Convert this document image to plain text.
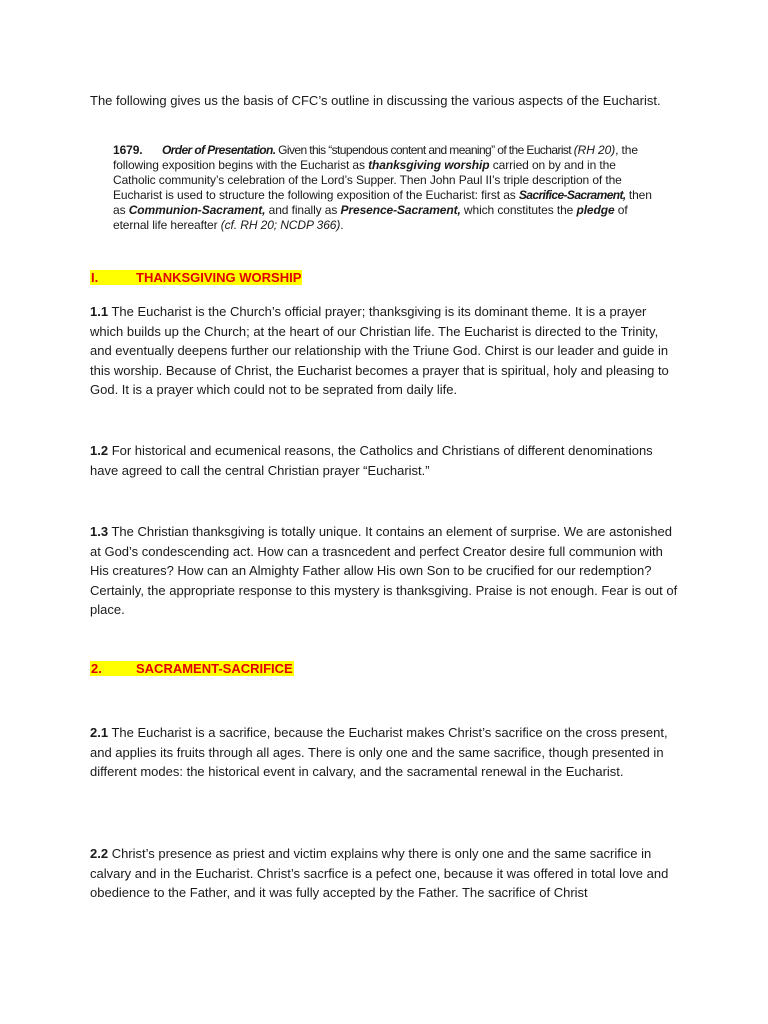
The following gives us the basis of CFC’s outline in discussing the various aspects of the Eucharist.

1679. Order of Presentation. Given this “stupendous content and meaning” of the Eucharist (RH 20), the following exposition begins with the Eucharist as thanksgiving worship carried on by and in the Catholic community’s celebration of the Lord’s Supper. Then John Paul II’s triple description of the Eucharist is used to structure the following exposition of the Eucharist: first as Sacrifice-Sacrament, then as Communion-Sacrament, and finally as Presence-Sacrament, which constitutes the pledge of eternal life hereafter (cf. RH 20; NCDP 366).

I.	THANKSGIVING WORSHIP

1.1 The Eucharist is the Church’s official prayer; thanksgiving is its dominant theme. It is a prayer which builds up the Church; at the heart of our Christian life. The Eucharist is directed to the Trinity, and eventually deepens further our relationship with the Triune God. Chirst is our leader and guide in this worship. Because of Christ, the Eucharist becomes a prayer that is spiritual, holy and pleasing to God. It is a prayer which could not to be seprated from daily life.

1.2 For historical and ecumenical reasons, the Catholics and Christians of different denominations have agreed to call the central Christian prayer “Eucharist.”

1.3 The Christian thanksgiving is totally unique. It contains an element of surprise. We are astonished at God’s condescending act. How can a trasncedent and perfect Creator desire full communion with His creatures? How can an Almighty Father allow His own Son to be crucified for our redemption? Certainly, the appropriate response to this mystery is thanksgiving. Praise is not enough. Fear is out of place.

2.	SACRAMENT-SACRIFICE

2.1 The Eucharist is a sacrifice, because the Eucharist makes Christ’s sacrifice on the cross present, and applies its fruits through all ages. There is only one and the same sacrifice, though presented in different modes: the historical event in calvary, and the sacramental renewal in the Eucharist.

2.2 Christ’s presence as priest and victim explains why there is only one and the same sacrifice in calvary and in the Eucharist. Christ’s sacrfice is a pefect one, because it was offered in total love and obedience to the Father, and it was fully accepted by the Father. The sacrifice of Christ
